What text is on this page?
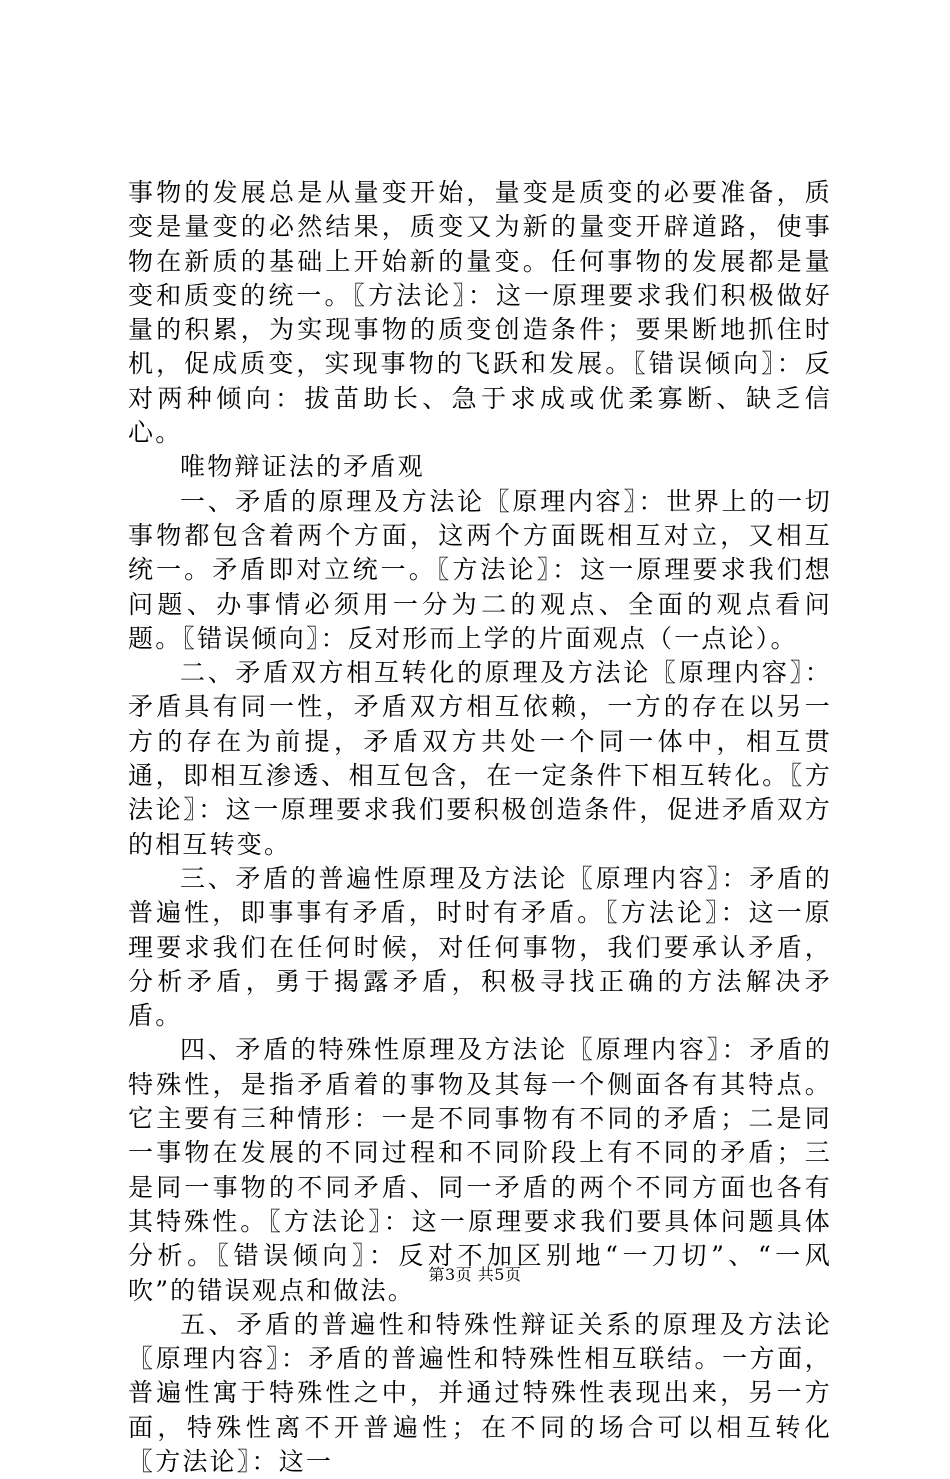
事物的发展总是从量变开始，量变是质变的必要准备，质变是量变的必然结果，质变又为新的量变开辟道路，使事物在新质的基础上开始新的量变。任何事物的发展都是量变和质变的统一。〖方法论〗：这一原理要求我们积极做好量的积累，为实现事物的质变创造条件；要果断地抓住时机，促成质变，实现事物的飞跃和发展。〖错误倾向〗：反对两种倾向：拔苗助长、急于求成或优柔寡断、缺乏信心。

唯物辩证法的矛盾观

一、矛盾的原理及方法论〖原理内容〗：世界上的一切事物都包含着两个方面，这两个方面既相互对立，又相互统一。矛盾即对立统一。〖方法论〗：这一原理要求我们想问题、办事情必须用一分为二的观点、全面的观点看问题。〖错误倾向〗：反对形而上学的片面观点（一点论）。

二、矛盾双方相互转化的原理及方法论〖原理内容〗：矛盾具有同一性，矛盾双方相互依赖，一方的存在以另一方的存在为前提，矛盾双方共处一个同一体中，相互贯通，即相互渗透、相互包含，在一定条件下相互转化。〖方法论〗：这一原理要求我们要积极创造条件，促进矛盾双方的相互转变。

三、矛盾的普遍性原理及方法论〖原理内容〗：矛盾的普遍性，即事事有矛盾，时时有矛盾。〖方法论〗：这一原理要求我们在任何时候，对任何事物，我们要承认矛盾，分析矛盾，勇于揭露矛盾，积极寻找正确的方法解决矛盾。

四、矛盾的特殊性原理及方法论〖原理内容〗：矛盾的特殊性，是指矛盾着的事物及其每一个侧面各有其特点。它主要有三种情形：一是不同事物有不同的矛盾；二是同一事物在发展的不同过程和不同阶段上有不同的矛盾；三是同一事物的不同矛盾、同一矛盾的两个不同方面也各有其特殊性。〖方法论〗：这一原理要求我们要具体问题具体分析。〖错误倾向〗：反对不加区别地“一刀切”、“一风吹”的错误观点和做法。

五、矛盾的普遍性和特殊性辩证关系的原理及方法论〖原理内容〗：矛盾的普遍性和特殊性相互联结。一方面，普遍性寓于特殊性之中，并通过特殊性表现出来，另一方面，特殊性离不开普遍性；在不同的场合可以相互转化〖方法论〗：这一

第3页 共5页
